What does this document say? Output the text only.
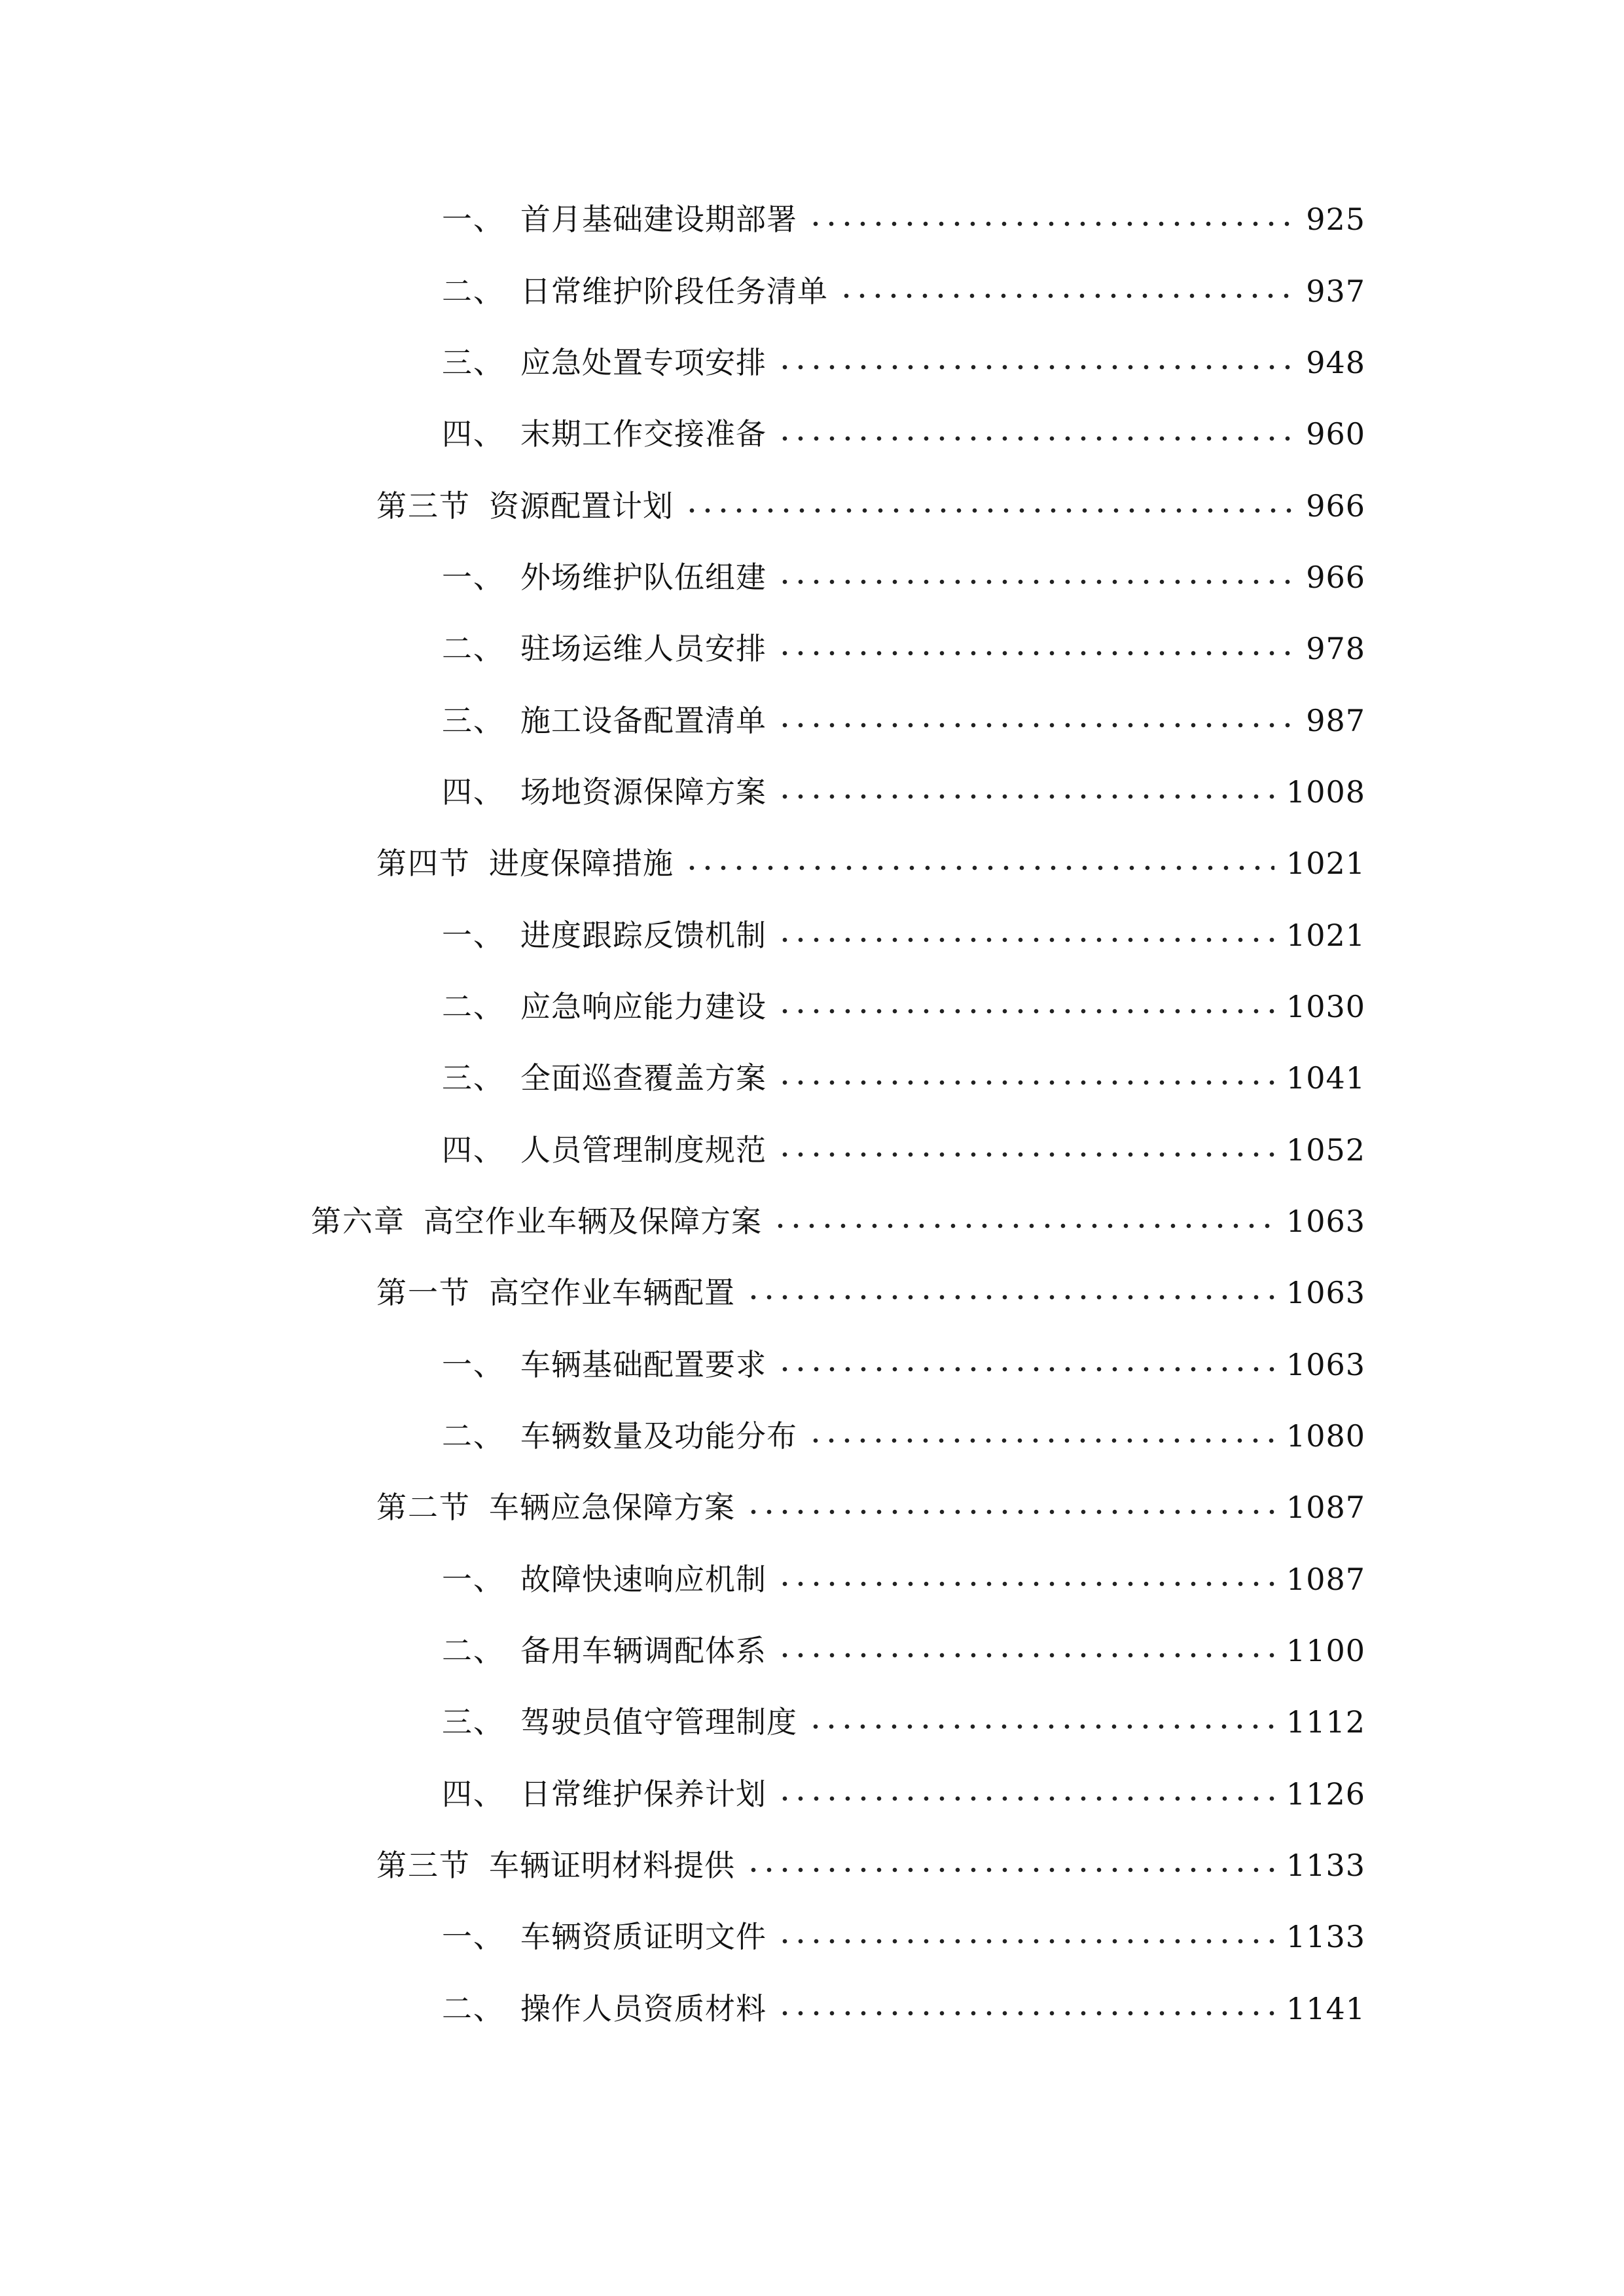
一、 首月基础建设期部署	925
二、 日常维护阶段任务清单	937
三、 应急处置专项安排	948
四、 末期工作交接准备	960
第三节 资源配置计划	966
一、 外场维护队伍组建	966
二、 驻场运维人员安排	978
三、 施工设备配置清单	987
四、 场地资源保障方案	1008
第四节 进度保障措施	1021
一、 进度跟踪反馈机制	1021
二、 应急响应能力建设	1030
三、 全面巡查覆盖方案	1041
四、 人员管理制度规范	1052
第六章 高空作业车辆及保障方案	1063
第一节 高空作业车辆配置	1063
一、 车辆基础配置要求	1063
二、 车辆数量及功能分布	1080
第二节 车辆应急保障方案	1087
一、 故障快速响应机制	1087
二、 备用车辆调配体系	1100
三、 驾驶员值守管理制度	1112
四、 日常维护保养计划	1126
第三节 车辆证明材料提供	1133
一、 车辆资质证明文件	1133
二、 操作人员资质材料	1141
